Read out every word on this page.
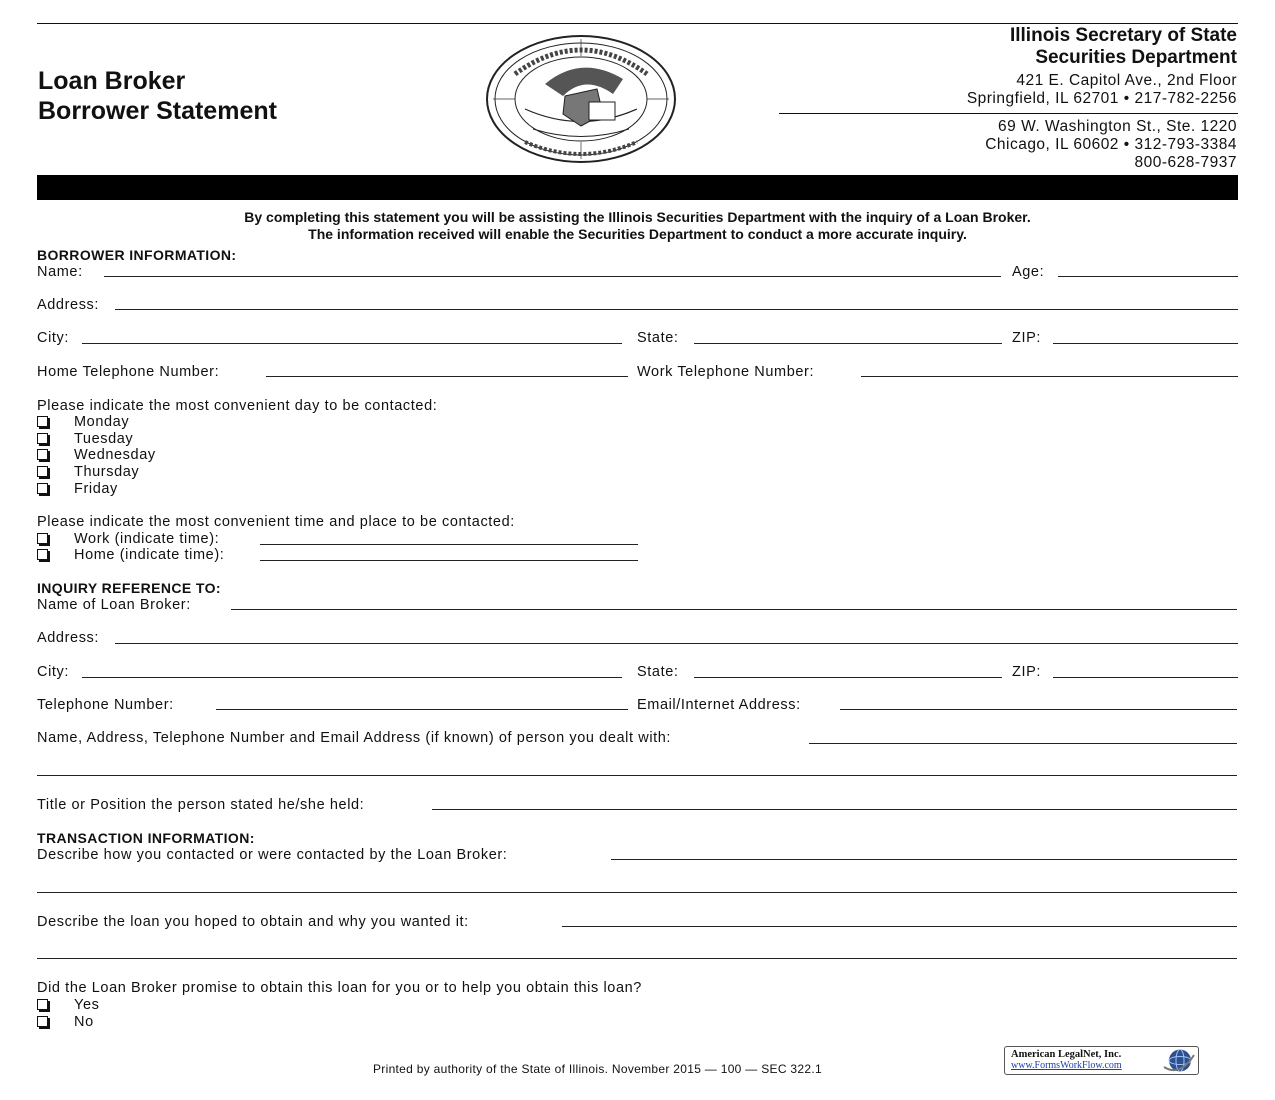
Loan Broker
Borrower Statement
Illinois Secretary of State
Securities Department
421 E. Capitol Ave., 2nd Floor
Springfield, IL 62701 • 217-782-2256
69 W. Washington St., Ste. 1220
Chicago, IL 60602 • 312-793-3384
800-628-7937
By completing this statement you will be assisting the Illinois Securities Department with the inquiry of a Loan Broker.
The information received will enable the Securities Department to conduct a more accurate inquiry.
BORROWER INFORMATION:
Name:	Age:
Address:
City:	State:	ZIP:
Home Telephone Number:	Work Telephone Number:
Please indicate the most convenient day to be contacted:
Monday
Tuesday
Wednesday
Thursday
Friday
Please indicate the most convenient time and place to be contacted:
Work (indicate time):
Home (indicate time):
INQUIRY REFERENCE TO:
Name of Loan Broker:
Address:
City:	State:	ZIP:
Telephone Number:	Email/Internet Address:
Name, Address, Telephone Number and Email Address (if known) of person you dealt with:
Title or Position the person stated he/she held:
TRANSACTION INFORMATION:
Describe how you contacted or were contacted by the Loan Broker:
Describe the loan you hoped to obtain and why you wanted it:
Did the Loan Broker promise to obtain this loan for you or to help you obtain this loan?
Yes
No
Printed by authority of the State of Illinois. November 2015 — 100 — SEC 322.1
American LegalNet, Inc.
www.FormsWorkFlow.com
